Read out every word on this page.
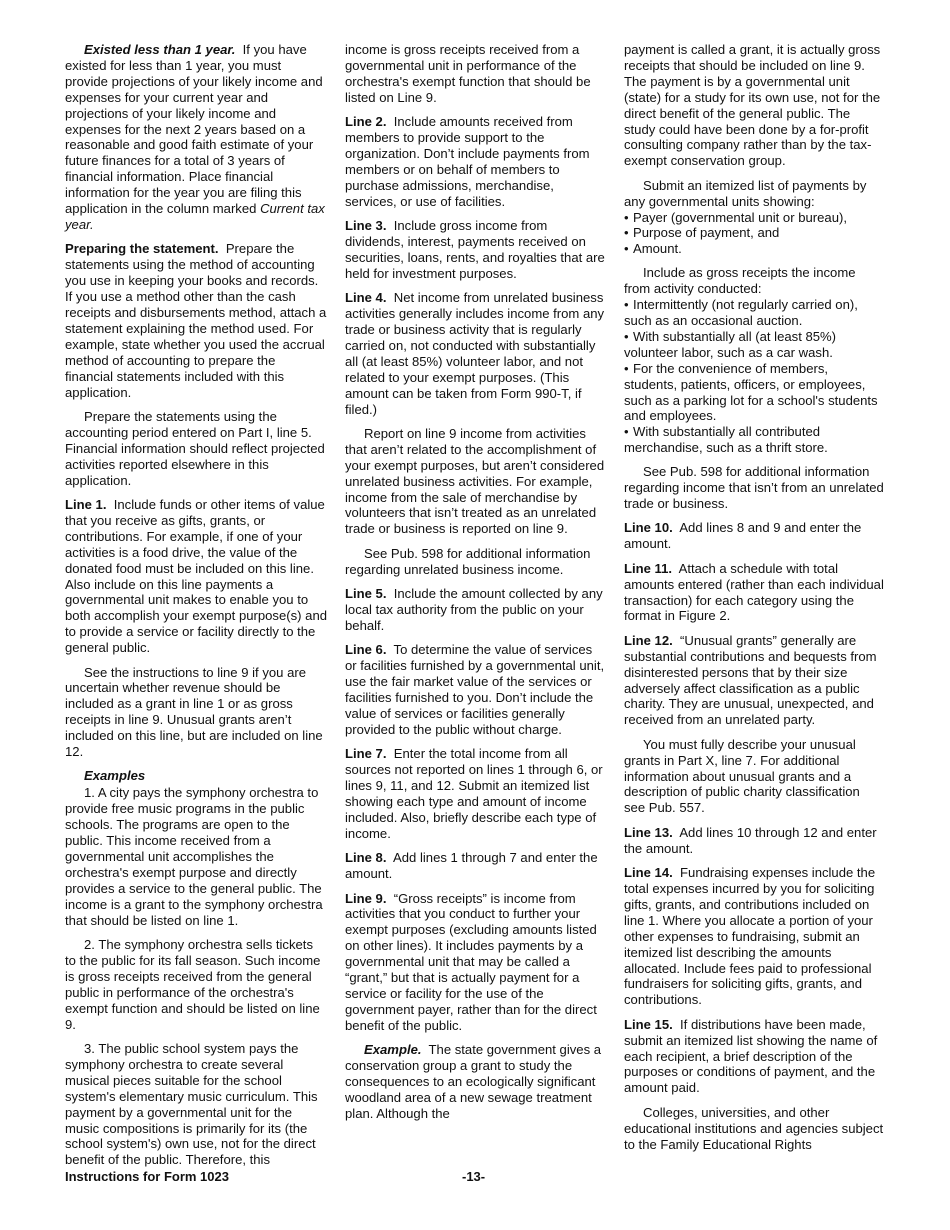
Existed less than 1 year. If you have existed for less than 1 year, you must provide projections of your likely income and expenses for your current year and projections of your likely income and expenses for the next 2 years based on a reasonable and good faith estimate of your future finances for a total of 3 years of financial information. Place financial information for the year you are filing this application in the column marked Current tax year.

Preparing the statement. Prepare the statements using the method of accounting you use in keeping your books and records. If you use a method other than the cash receipts and disbursements method, attach a statement explaining the method used. For example, state whether you used the accrual method of accounting to prepare the financial statements included with this application.

Prepare the statements using the accounting period entered on Part I, line 5. Financial information should reflect projected activities reported elsewhere in this application.

Line 1. Include funds or other items of value that you receive as gifts, grants, or contributions. For example, if one of your activities is a food drive, the value of the donated food must be included on this line. Also include on this line payments a governmental unit makes to enable you to both accomplish your exempt purpose(s) and to provide a service or facility directly to the general public.

See the instructions to line 9 if you are uncertain whether revenue should be included as a grant in line 1 or as gross receipts in line 9. Unusual grants aren’t included on this line, but are included on line 12.

Examples

1. A city pays the symphony orchestra to provide free music programs in the public schools. The programs are open to the public. This income received from a governmental unit accomplishes the orchestra's exempt purpose and directly provides a service to the general public. The income is a grant to the symphony orchestra that should be listed on line 1.

2. The symphony orchestra sells tickets to the public for its fall season. Such income is gross receipts received from the general public in performance of the orchestra's exempt function and should be listed on line 9.

3. The public school system pays the symphony orchestra to create several musical pieces suitable for the school system's elementary music curriculum. This payment by a governmental unit for the music compositions is primarily for its (the school system's) own use, not for the direct benefit of the public. Therefore, this

income is gross receipts received from a governmental unit in performance of the orchestra's exempt function that should be listed on Line 9.

Line 2. Include amounts received from members to provide support to the organization. Don’t include payments from members or on behalf of members to purchase admissions, merchandise, services, or use of facilities.

Line 3. Include gross income from dividends, interest, payments received on securities, loans, rents, and royalties that are held for investment purposes.

Line 4. Net income from unrelated business activities generally includes income from any trade or business activity that is regularly carried on, not conducted with substantially all (at least 85%) volunteer labor, and not related to your exempt purposes. (This amount can be taken from Form 990-T, if filed.)

Report on line 9 income from activities that aren’t related to the accomplishment of your exempt purposes, but aren’t considered unrelated business activities. For example, income from the sale of merchandise by volunteers that isn’t treated as an unrelated trade or business is reported on line 9.

See Pub. 598 for additional information regarding unrelated business income.

Line 5. Include the amount collected by any local tax authority from the public on your behalf.

Line 6. To determine the value of services or facilities furnished by a governmental unit, use the fair market value of the services or facilities furnished to you. Don’t include the value of services or facilities generally provided to the public without charge.

Line 7. Enter the total income from all sources not reported on lines 1 through 6, or lines 9, 11, and 12. Submit an itemized list showing each type and amount of income included. Also, briefly describe each type of income.

Line 8. Add lines 1 through 7 and enter the amount.

Line 9. “Gross receipts” is income from activities that you conduct to further your exempt purposes (excluding amounts listed on other lines). It includes payments by a governmental unit that may be called a “grant,” but that is actually payment for a service or facility for the use of the government payer, rather than for the direct benefit of the public.

Example. The state government gives a conservation group a grant to study the consequences to an ecologically significant woodland area of a new sewage treatment plan. Although the

payment is called a grant, it is actually gross receipts that should be included on line 9. The payment is by a governmental unit (state) for a study for its own use, not for the direct benefit of the general public. The study could have been done by a for-profit consulting company rather than by the tax-exempt conservation group.

Submit an itemized list of payments by any governmental units showing:

• Payer (governmental unit or bureau),

• Purpose of payment, and

• Amount.

Include as gross receipts the income from activity conducted:

• Intermittently (not regularly carried on), such as an occasional auction.

• With substantially all (at least 85%) volunteer labor, such as a car wash.

• For the convenience of members, students, patients, officers, or employees, such as a parking lot for a school's students and employees.

• With substantially all contributed merchandise, such as a thrift store.

See Pub. 598 for additional information regarding income that isn’t from an unrelated trade or business.

Line 10. Add lines 8 and 9 and enter the amount.

Line 11. Attach a schedule with total amounts entered (rather than each individual transaction) for each category using the format in Figure 2.

Line 12. “Unusual grants” generally are substantial contributions and bequests from disinterested persons that by their size adversely affect classification as a public charity. They are unusual, unexpected, and received from an unrelated party.

You must fully describe your unusual grants in Part X, line 7. For additional information about unusual grants and a description of public charity classification see Pub. 557.

Line 13. Add lines 10 through 12 and enter the amount.

Line 14. Fundraising expenses include the total expenses incurred by you for soliciting gifts, grants, and contributions included on line 1. Where you allocate a portion of your other expenses to fundraising, submit an itemized list describing the amounts allocated. Include fees paid to professional fundraisers for soliciting gifts, grants, and contributions.

Line 15. If distributions have been made, submit an itemized list showing the name of each recipient, a brief description of the purposes or conditions of payment, and the amount paid.

Colleges, universities, and other educational institutions and agencies subject to the Family Educational Rights

Instructions for Form 1023	-13-
